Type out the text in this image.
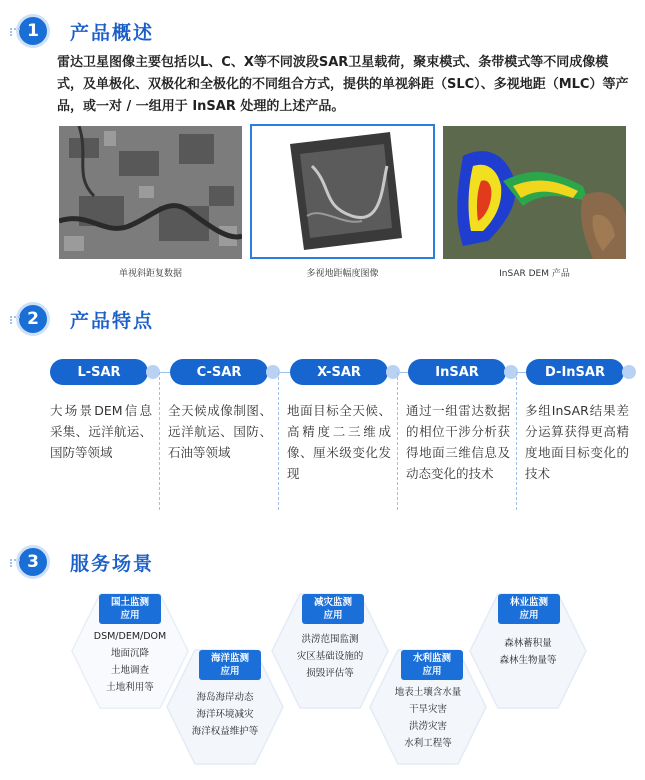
1	产品概述
雷达卫星图像主要包括以L、C、X等不同波段SAR卫星载荷，聚束模式、条带模式等不同成像模式，及单极化、双极化和全极化的不同组合方式，提供的单视斜距（SLC）、多视地距（MLC）等产品，或一对 / 一组用于 InSAR 处理的上述产品。
单视斜距复数据	多视地距幅度图像	InSAR DEM 产品
2	产品特点
L-SAR	C-SAR	X-SAR	InSAR	D-InSAR
大场景DEM信息采集、远洋航运、国防等领域
全天候成像制图、远洋航运、国防、石油等领域
地面目标全天候、高精度二三维成像、厘米级变化发现
通过一组雷达数据的相位干涉分析获得地面三维信息及动态变化的技术
多组InSAR结果差分运算获得更高精度地面目标变化的技术
3	服务场景
国土监测
应用
DSM/DEM/DOM
地面沉降
土地调查
土地利用等
海洋监测
应用
海岛海岸动态
海洋环境减灾
海洋权益维护等
减灾监测
应用
洪涝范围监测
灾区基础设施的
损毁评估等
水利监测
应用
地表土壤含水量
干旱灾害
洪涝灾害
水利工程等
林业监测
应用
森林蓄积量
森林生物量等
